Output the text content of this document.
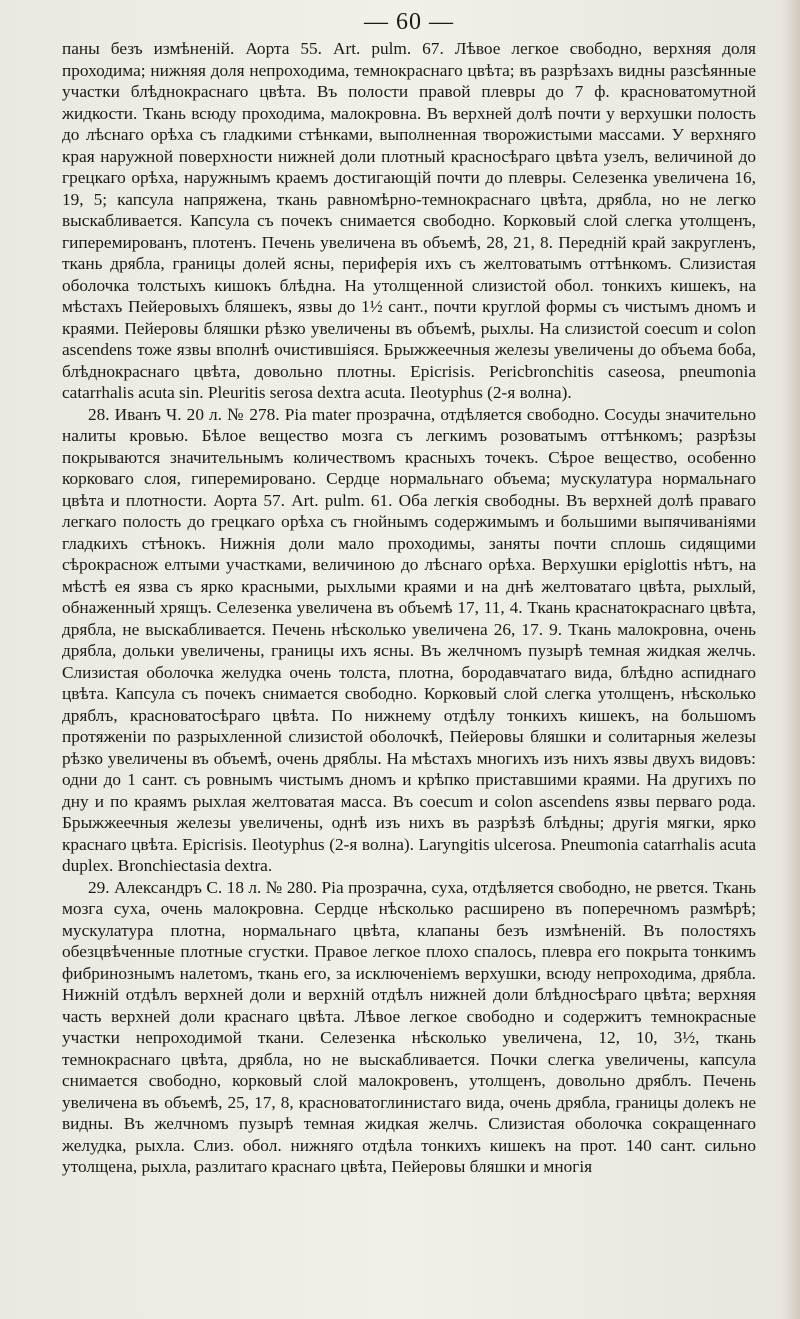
— 60 —

паны безъ измѣненій. Аорта 55. Art. pulm. 67. Лѣвое легкое свободно, верхняя доля проходима; нижняя доля непроходима, темнокраснаго цвѣта; въ разрѣзахъ видны разсѣянные участки блѣднокраснаго цвѣта. Въ полости правой плевры до 7 ф. красноватомутной жидкости. Ткань всюду проходима, малокровна. Въ верхней долѣ почти у верхушки полость до лѣснаго орѣха съ гладкими стѣнками, выполненная творожистыми массами. У верхняго края наружной поверхности нижней доли плотный красносѣраго цвѣта узелъ, величиной до грецкаго орѣха, наружнымъ краемъ достигающій почти до плевры. Селезенка увеличена 16, 19, 5; капсула напряжена, ткань равномѣрно-темнокраснаго цвѣта, дрябла, но не легко выскабливается. Капсула съ почекъ снимается свободно. Корковый слой слегка утолщенъ, гиперемированъ, плотенъ. Печень увеличена въ объемѣ, 28, 21, 8. Передній край закругленъ, ткань дрябла, границы долей ясны, периферія ихъ съ желтоватымъ оттѣнкомъ. Слизистая оболочка толстыхъ кишокъ блѣдна. На утолщенной слизистой обол. тонкихъ кишекъ, на мѣстахъ Пейеровыхъ бляшекъ, язвы до 1½ сант., почти круглой формы съ чистымъ дномъ и краями. Пейеровы бляшки рѣзко увеличены въ объемѣ, рыхлы. На слизистой coecum и colon ascendens тоже язвы вполнѣ очистившіяся. Брыжжеечныя железы увеличены до объема боба, блѣднокраснаго цвѣта, довольно плотны. Epicrisis. Pericbronchitis caseosa, pneumonia catarrhalis acuta sin. Pleuritis serosa dextra acuta. Ileotyphus (2-я волна).

28. Иванъ Ч. 20 л. № 278. Pia mater прозрачна, отдѣляется свободно. Сосуды значительно налиты кровью. Бѣлое вещество мозга съ легкимъ розоватымъ оттѣнкомъ; разрѣзы покрываются значительнымъ количествомъ красныхъ точекъ. Сѣрое вещество, особенно корковаго слоя, гиперемировано. Сердце нормальнаго объема; мускулатура нормальнаго цвѣта и плотности. Аорта 57. Art. pulm. 61. Оба легкія свободны. Въ верхней долѣ праваго легкаго полость до грецкаго орѣха съ гнойнымъ содержимымъ и большими выпячиваніями гладкихъ стѣнокъ. Нижнія доли мало проходимы, заняты почти сплошь сидящими сѣрокраснож елтыми участками, величиною до лѣснаго орѣха. Верхушки epiglottis нѣтъ, на мѣстѣ ея язва съ ярко красными, рыхлыми краями и на днѣ желтоватаго цвѣта, рыхлый, обнаженный хрящъ. Селезенка увеличена въ объемѣ 17, 11, 4. Ткань краснатокраснаго цвѣта, дрябла, не выскабливается. Печень нѣсколько увеличена 26, 17. 9. Ткань малокровна, очень дрябла, дольки увеличены, границы ихъ ясны. Въ желчномъ пузырѣ темная жидкая желчь. Слизистая оболочка желудка очень толста, плотна, бородавчатаго вида, блѣдно аспиднаго цвѣта. Капсула съ почекъ снимается свободно. Корковый слой слегка утолщенъ, нѣсколько дряблъ, красноватосѣраго цвѣта. По нижнему отдѣлу тонкихъ кишекъ, на большомъ протяженіи по разрыхленной слизистой оболочкѣ, Пейеровы бляшки и солитарныя железы рѣзко увеличены въ объемѣ, очень дряблы. На мѣстахъ многихъ изъ нихъ язвы двухъ видовъ: одни до 1 сант. съ ровнымъ чистымъ дномъ и крѣпко приставшими краями. На другихъ по дну и по краямъ рыхлая желтоватая масса. Въ coecum и colon ascendens язвы перваго рода. Брыжжеечныя железы увеличены, однѣ изъ нихъ въ разрѣзѣ блѣдны; другія мягки, ярко краснаго цвѣта. Epicrisis. Ileotyphus (2-я волна). Laryngitis ulcerosa. Pneumonia catarrhalis acuta duplex. Bronchiectasia dextra.

29. Александръ С. 18 л. № 280. Pia прозрачна, суха, отдѣляется свободно, не рвется. Ткань мозга суха, очень малокровна. Сердце нѣсколько расширено въ поперечномъ размѣрѣ; мускулатура плотна, нормальнаго цвѣта, клапаны безъ измѣненій. Въ полостяхъ обезцвѣченные плотные сгустки. Правое легкое плохо спалось, плевра его покрыта тонкимъ фибринознымъ налетомъ, ткань его, за исключеніемъ верхушки, всюду непроходима, дрябла. Нижній отдѣлъ верхней доли и верхній отдѣлъ нижней доли блѣдносѣраго цвѣта; верхняя часть верхней доли краснаго цвѣта. Лѣвое легкое свободно и содержитъ темнокрасные участки непроходимой ткани. Селезенка нѣсколько увеличена, 12, 10, 3½, ткань темнокраснаго цвѣта, дрябла, но не выскабливается. Почки слегка увеличены, капсула снимается свободно, корковый слой малокровенъ, утолщенъ, довольно дряблъ. Печень увеличена въ объемѣ, 25, 17, 8, красноватоглинистаго вида, очень дрябла, границы долекъ не видны. Въ желчномъ пузырѣ темная жидкая желчь. Слизистая оболочка сокращеннаго желудка, рыхла. Слиз. обол. нижняго отдѣла тонкихъ кишекъ на прот. 140 сант. сильно утолщена, рыхла, разлитаго краснаго цвѣта, Пейеровы бляшки и многія
